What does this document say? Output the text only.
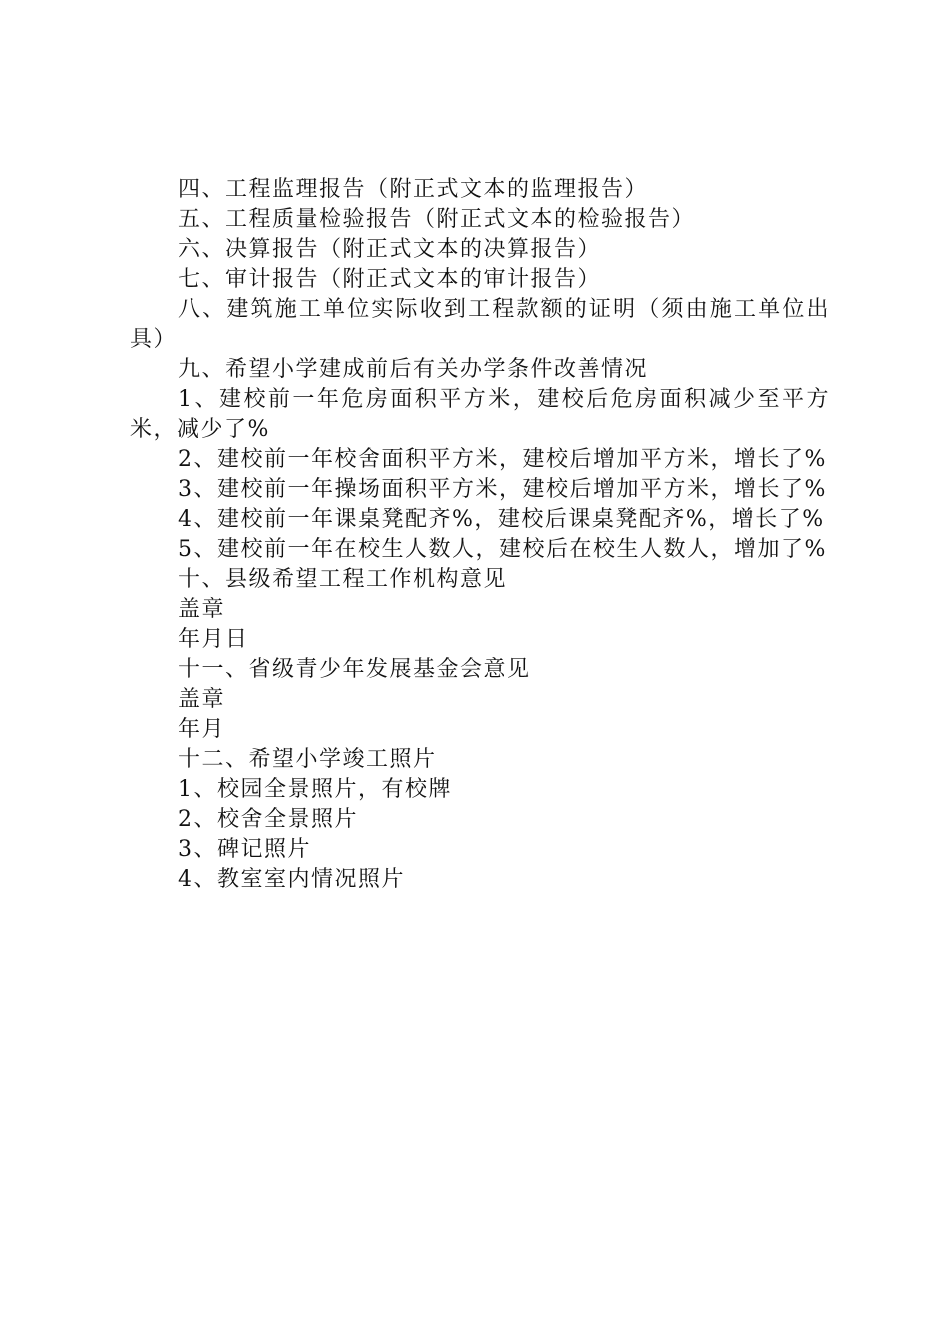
四、工程监理报告（附正式文本的监理报告）

五、工程质量检验报告（附正式文本的检验报告）

六、决算报告（附正式文本的决算报告）

七、审计报告（附正式文本的审计报告）

八、建筑施工单位实际收到工程款额的证明（须由施工单位出具）

九、希望小学建成前后有关办学条件改善情况

1、建校前一年危房面积平方米，建校后危房面积减少至平方米，减少了%

2、建校前一年校舍面积平方米，建校后增加平方米，增长了%

3、建校前一年操场面积平方米，建校后增加平方米，增长了%

4、建校前一年课桌凳配齐%，建校后课桌凳配齐%，增长了%

5、建校前一年在校生人数人，建校后在校生人数人，增加了%

十、县级希望工程工作机构意见

盖章

年月日

十一、省级青少年发展基金会意见

盖章

年月

十二、希望小学竣工照片

1、校园全景照片，有校牌

2、校舍全景照片

3、碑记照片

4、教室室内情况照片
